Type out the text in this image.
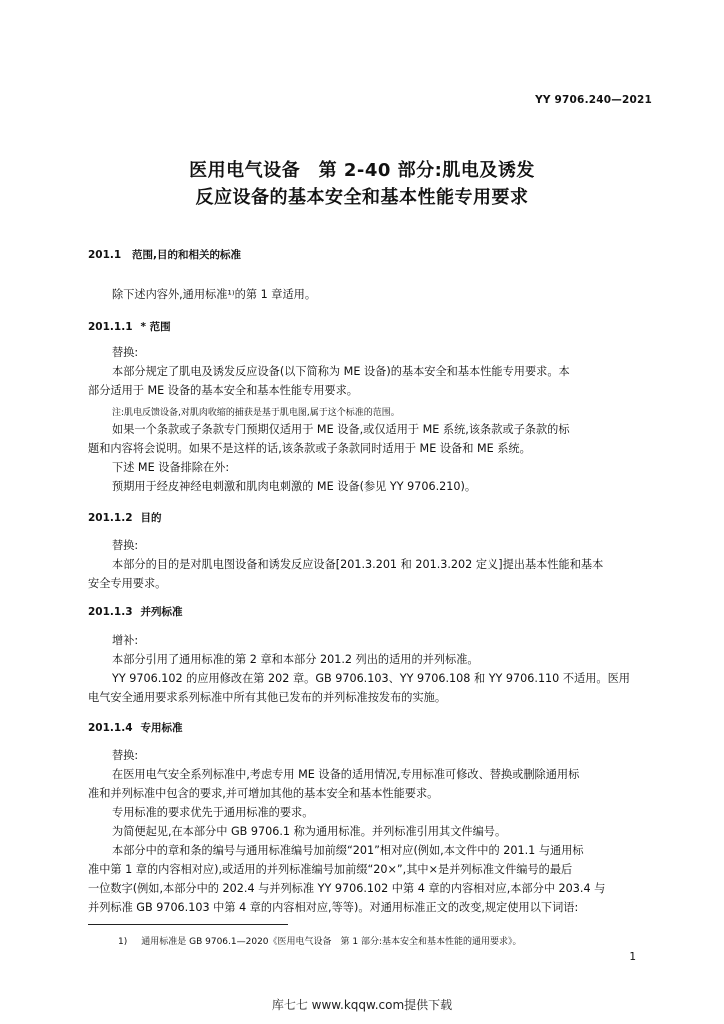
YY 9706.240—2021
医用电气设备　第 2-40 部分:肌电及诱发
反应设备的基本安全和基本性能专用要求
201.1 范围,目的和相关的标准
除下述内容外,通用标准¹⁾的第 1 章适用。
201.1.1 * 范围
替换:
本部分规定了肌电及诱发反应设备(以下简称为 ME 设备)的基本安全和基本性能专用要求。本
部分适用于 ME 设备的基本安全和基本性能专用要求。
注:肌电反馈设备,对肌肉收缩的捕获是基于肌电图,属于这个标准的范围。
如果一个条款或子条款专门预期仅适用于 ME 设备,或仅适用于 ME 系统,该条款或子条款的标
题和内容将会说明。如果不是这样的话,该条款或子条款同时适用于 ME 设备和 ME 系统。
下述 ME 设备排除在外:
预期用于经皮神经电刺激和肌肉电刺激的 ME 设备(参见 YY 9706.210)。
201.1.2 目的
替换:
本部分的目的是对肌电图设备和诱发反应设备[201.3.201 和 201.3.202 定义]提出基本性能和基本
安全专用要求。
201.1.3 并列标准
增补:
本部分引用了通用标准的第 2 章和本部分 201.2 列出的适用的并列标准。
YY 9706.102 的应用修改在第 202 章。GB 9706.103、YY 9706.108 和 YY 9706.110 不适用。医用
电气安全通用要求系列标准中所有其他已发布的并列标准按发布的实施。
201.1.4 专用标准
替换:
在医用电气安全系列标准中,考虑专用 ME 设备的适用情况,专用标准可修改、替换或删除通用标
准和并列标准中包含的要求,并可增加其他的基本安全和基本性能要求。
专用标准的要求优先于通用标准的要求。
为简便起见,在本部分中 GB 9706.1 称为通用标准。并列标准引用其文件编号。
本部分中的章和条的编号与通用标准编号加前缀“201”相对应(例如,本文件中的 201.1 与通用标
准中第 1 章的内容相对应),或适用的并列标准编号加前缀“20×”,其中×是并列标准文件编号的最后
一位数字(例如,本部分中的 202.4 与并列标准 YY 9706.102 中第 4 章的内容相对应,本部分中 203.4 与
并列标准 GB 9706.103 中第 4 章的内容相对应,等等)。对通用标准正文的改变,规定使用以下词语:
1) 通用标准是 GB 9706.1—2020《医用电气设备　第 1 部分:基本安全和基本性能的通用要求》。
1
库七七 www.kqqw.com提供下载
